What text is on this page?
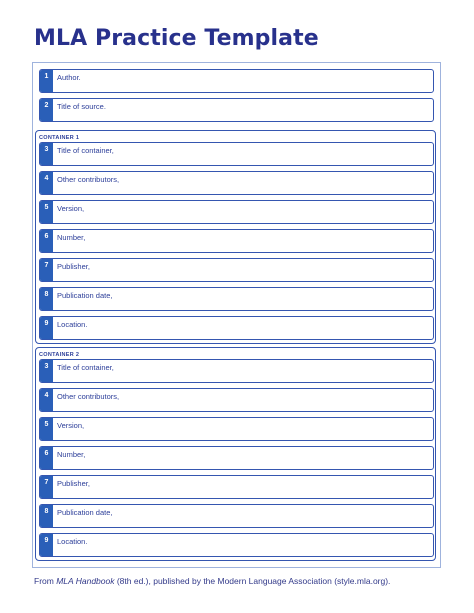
MLA Practice Template
1	Author.
2	Title of source.
CONTAINER 1
3	Title of container,
4	Other contributors,
5	Version,
6	Number,
7	Publisher,
8	Publication date,
9	Location.
CONTAINER 2
3	Title of container,
4	Other contributors,
5	Version,
6	Number,
7	Publisher,
8	Publication date,
9	Location.
From MLA Handbook (8th ed.), published by the Modern Language Association (style.mla.org).
